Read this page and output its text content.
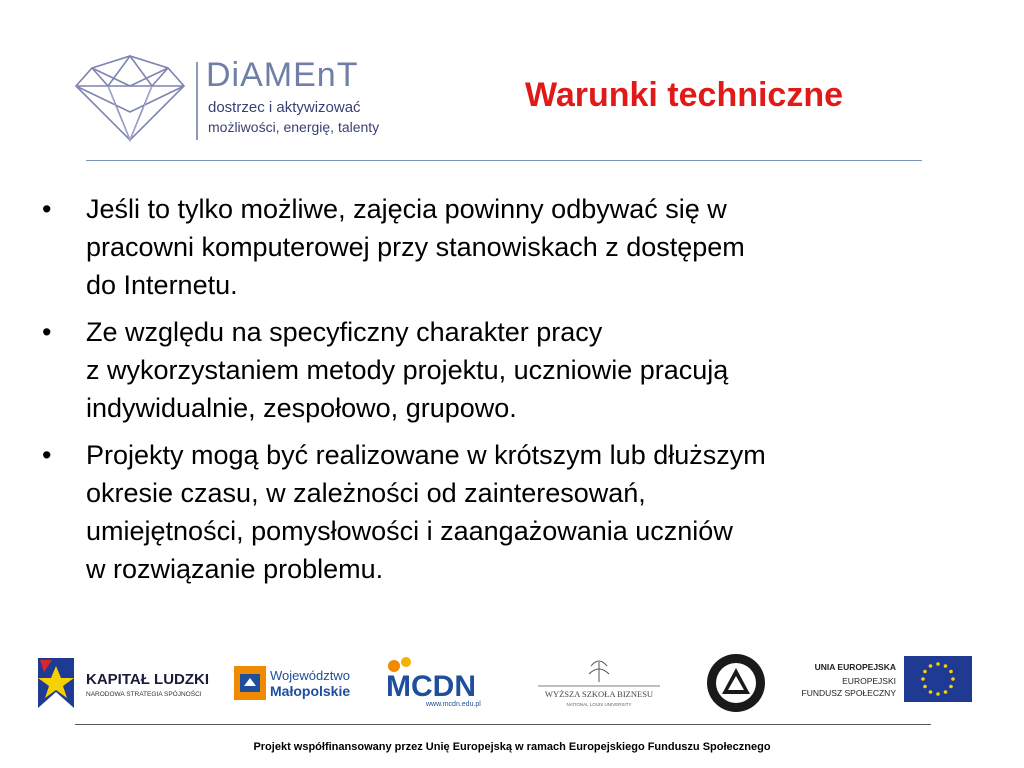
DiAMEnT
dostrzec i aktywizować
możliwości, energię, talenty
Warunki techniczne
• Jeśli to tylko możliwe, zajęcia powinny odbywać się w
pracowni komputerowej przy stanowiskach z dostępem
do Internetu.
• Ze względu na specyficzny charakter pracy
z wykorzystaniem metody projektu, uczniowie pracują
indywidualnie, zespołowo, grupowo.
• Projekty mogą być realizowane w krótszym lub dłuższym
okresie czasu, w zależności od zainteresowań,
umiejętności, pomysłowości i zaangażowania uczniów
w rozwiązanie problemu.
KAPITAŁ LUDZKI
NARODOWA STRATEGIA SPÓJNOŚCI
Województwo
Małopolskie MCDN
www.mcdn.edu.pl
WYŻSZA SZKOŁA BIZNESU
NATIONAL LOUIS UNIVERSITY
UNIA EUROPEJSKA
EUROPEJSKI
FUNDUSZ SPOŁECZNY
Projekt współfinansowany przez Unię Europejską w ramach Europejskiego Funduszu Społecznego
